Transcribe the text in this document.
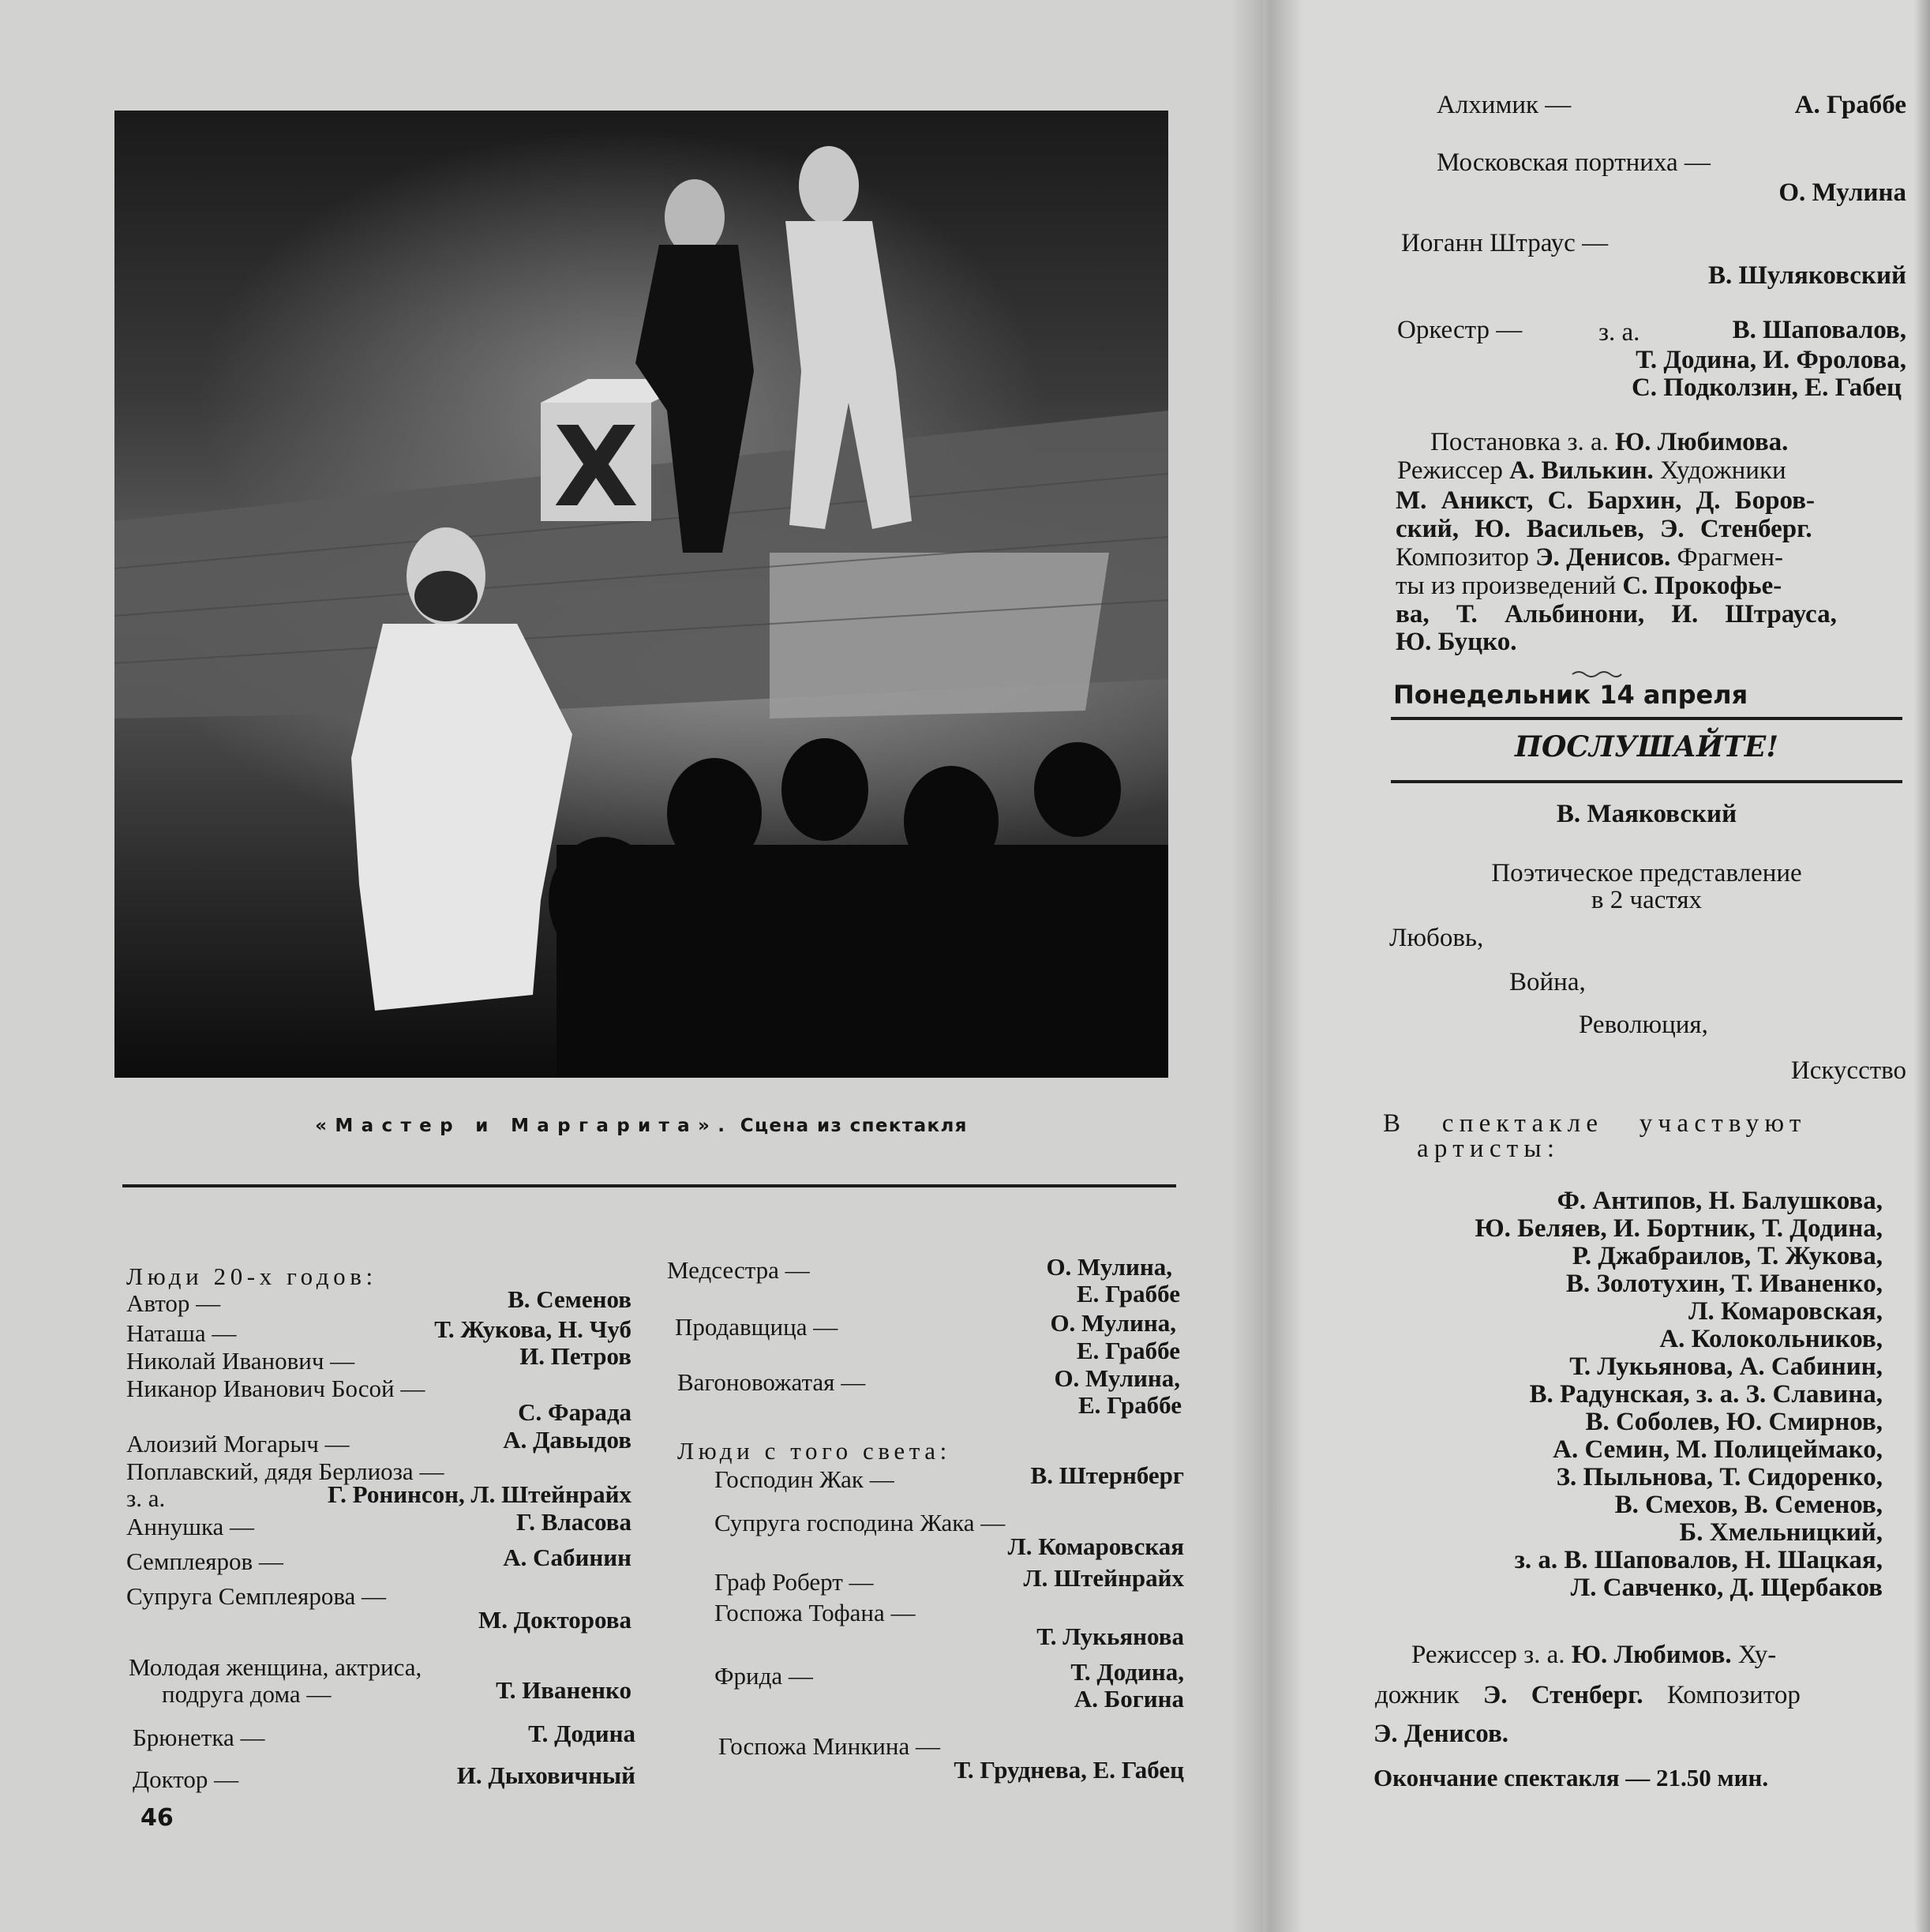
Х
«Мастер и Маргарита». Сцена из спектакля
Люди 20-х годов:
Автор —	В. Семенов
Наташа —	Т. Жукова, Н. Чуб
Николай Иванович —	И. Петров
Никанор Иванович Босой —
С. Фарада
Алоизий Могарыч —	А. Давыдов
Поплавский, дядя Берлиоза —
з. а.	Г. Ронинсон, Л. Штейнрайх
Аннушка —	Г. Власова
Семплеяров —	А. Сабинин
Супруга Семплеярова —
М. Докторова
Молодая женщина, актриса,
подруга дома —	Т. Иваненко
Брюнетка —	Т. Додина
Доктор —	И. Дыховичный
Медсестра —	О. Мулина,
Е. Граббе
Продавщица —	О. Мулина,
Е. Граббе
Вагоновожатая —	О. Мулина,
Е. Граббе
Люди с того света:
Господин Жак —	В. Штернберг
Супруга господина Жака —
Л. Комаровская
Граф Роберт —	Л. Штейнрайх
Госпожа Тофана —
Т. Лукьянова
Фрида —	Т. Додина,
А. Богина
Госпожа Минкина —
Т. Груднева, Е. Габец
46
Алхимик —	А. Граббе
Московская портниха —
О. Мулина
Иоганн Штраус —
В. Шуляковский
Оркестр —	з. а.	В. Шаповалов,
Т. Додина, И. Фролова,
С. Подколзин, Е. Габец
Постановка з. а. Ю. Любимова.
Режиссер А. Вилькин. Художники
М. Аникст, С. Бархин, Д. Боров-
ский, Ю. Васильев, Э. Стенберг.
Композитор Э. Денисов. Фрагмен-
ты из произведений С. Прокофье-
ва, Т. Альбинони, И. Штрауса,
Ю. Буцко.
Понедельник 14 апреля
ПОСЛУШАЙТЕ!
В. Маяковский
Поэтическое представление
в 2 частях
Любовь,
Война,
Революция,
Искусство
В спектакле участвуют
артисты:
Ф. Антипов, Н. Балушкова,
Ю. Беляев, И. Бортник, Т. Додина,
Р. Джабраилов, Т. Жукова,
В. Золотухин, Т. Иваненко,
Л. Комаровская,
А. Колокольников,
Т. Лукьянова, А. Сабинин,
В. Радунская, з. а. З. Славина,
В. Соболев, Ю. Смирнов,
А. Семин, М. Полицеймако,
З. Пыльнова, Т. Сидоренко,
В. Смехов, В. Семенов,
Б. Хмельницкий,
з. а. В. Шаповалов, Н. Шацкая,
Л. Савченко, Д. Щербаков
Режиссер з. а. Ю. Любимов. Ху-
дожник Э. Стенберг. Композитор
Э. Денисов.
Окончание спектакля — 21.50 мин.
